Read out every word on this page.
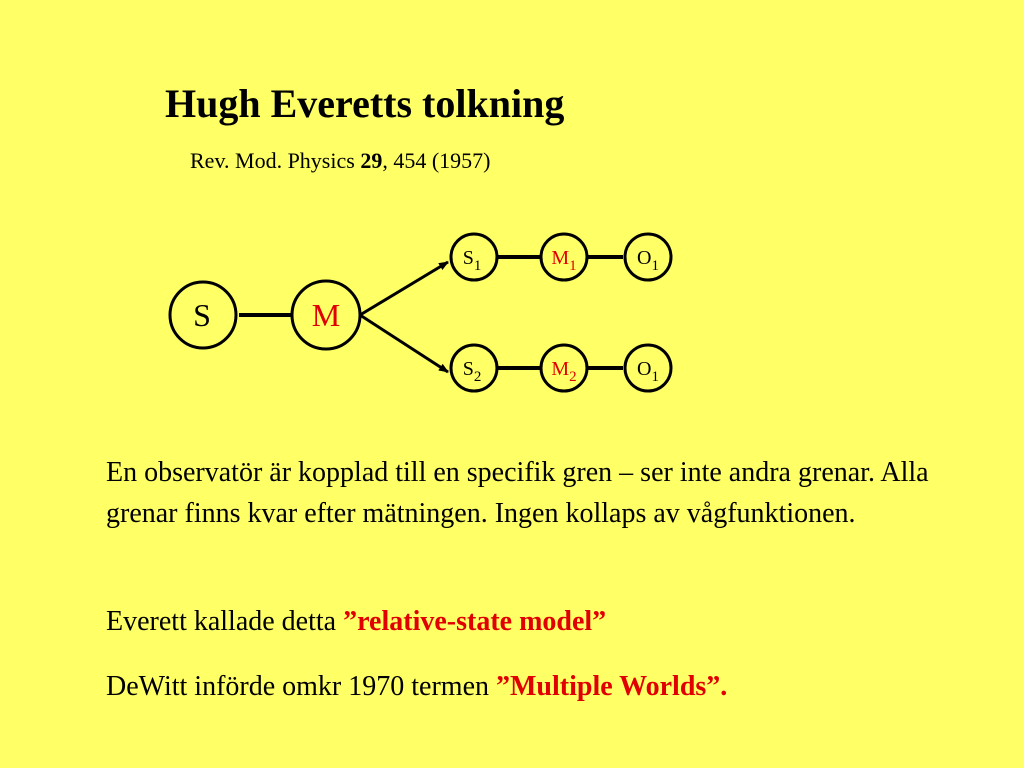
Hugh Everetts tolkning
Rev. Mod. Physics 29, 454 (1957)
S	M
$S_1$	$M_1$	$O_1$
$S_2$	$M_2$	$O_1$
En observatör är kopplad till en specifik gren – ser inte andra grenar. Alla grenar finns kvar efter mätningen. Ingen kollaps av vågfunktionen.
Everett kallade detta ”relative-state model”
DeWitt införde omkr 1970 termen ”Multiple Worlds”.
